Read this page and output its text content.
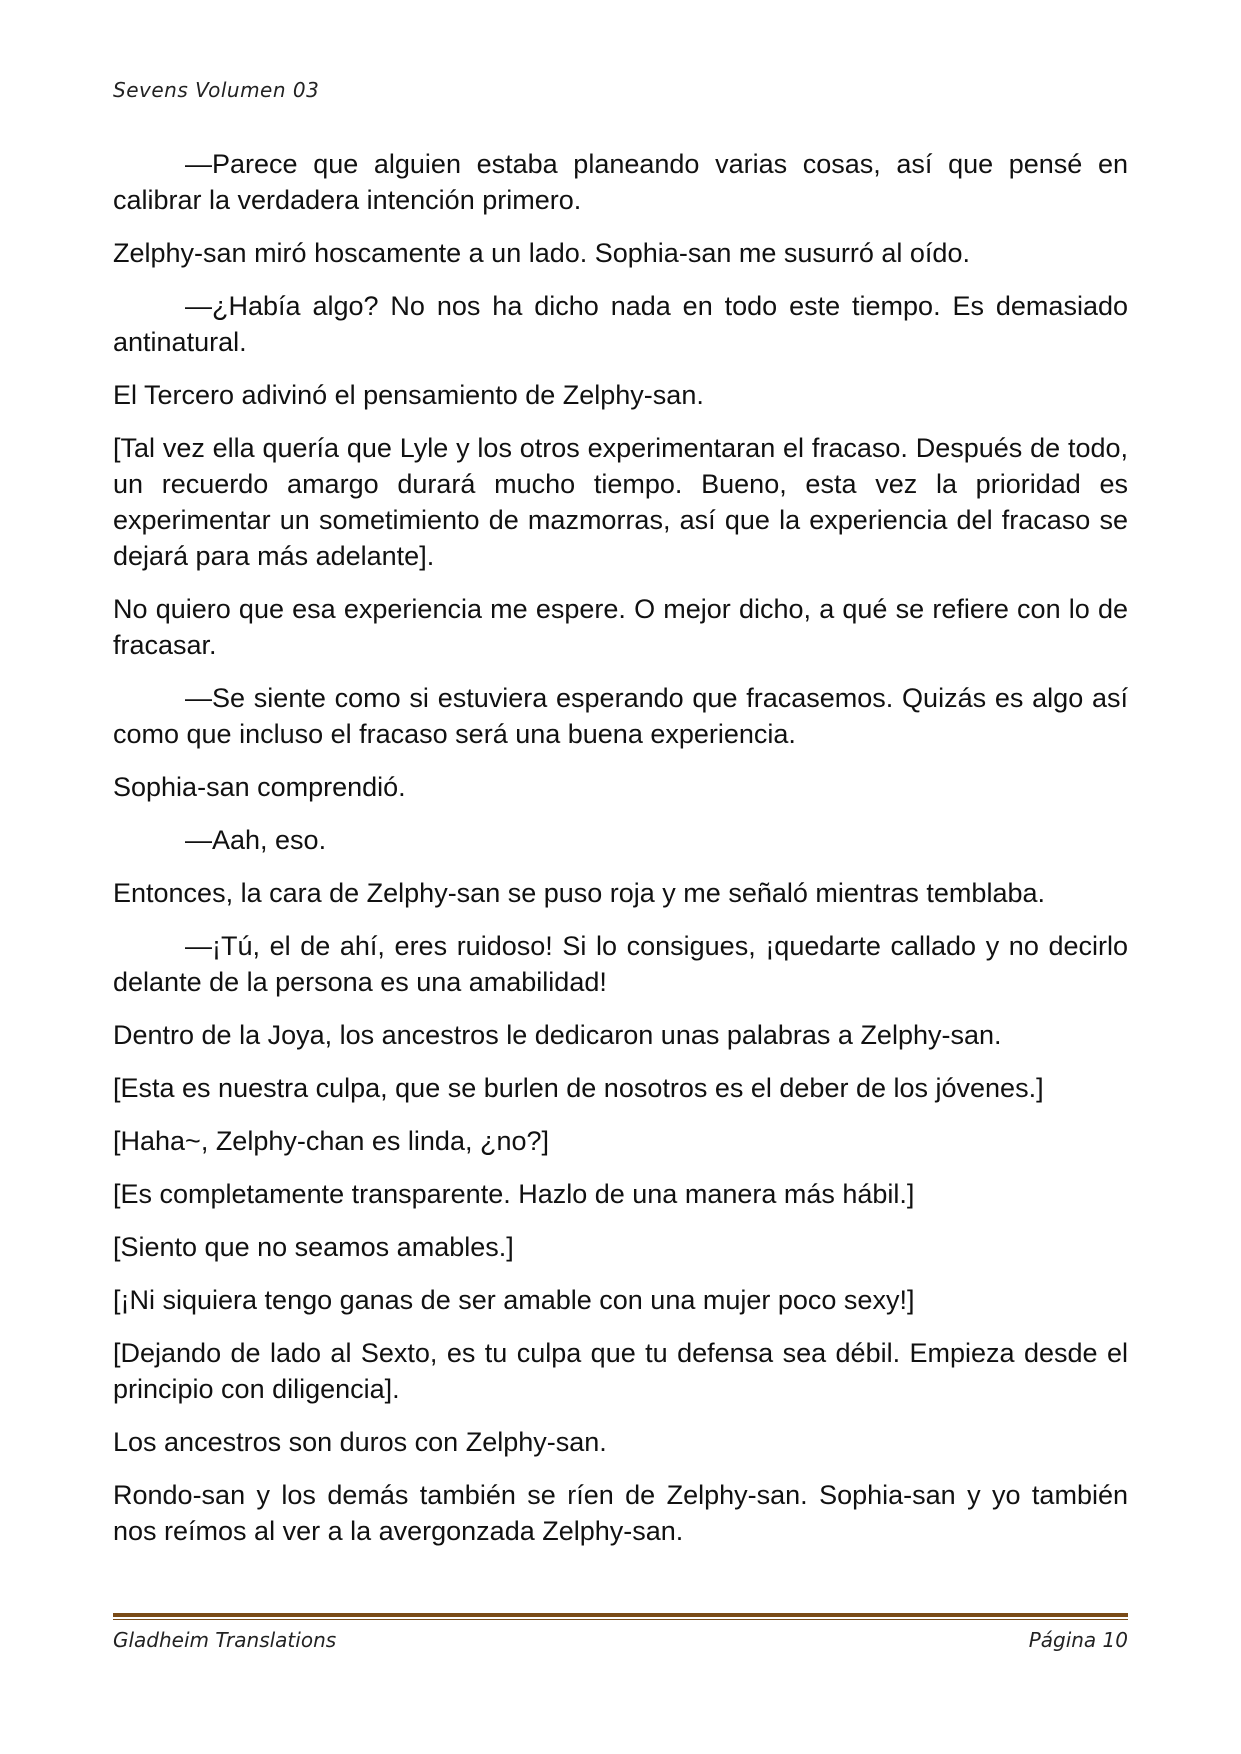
Sevens Volumen 03

—Parece que alguien estaba planeando varias cosas, así que pensé en calibrar la verdadera intención primero.

Zelphy-san miró hoscamente a un lado. Sophia-san me susurró al oído.

—¿Había algo? No nos ha dicho nada en todo este tiempo. Es demasiado antinatural.

El Tercero adivinó el pensamiento de Zelphy-san.

[Tal vez ella quería que Lyle y los otros experimentaran el fracaso. Después de todo, un recuerdo amargo durará mucho tiempo. Bueno, esta vez la prioridad es experimentar un sometimiento de mazmorras, así que la experiencia del fracaso se dejará para más adelante].

No quiero que esa experiencia me espere. O mejor dicho, a qué se refiere con lo de fracasar.

—Se siente como si estuviera esperando que fracasemos. Quizás es algo así como que incluso el fracaso será una buena experiencia.

Sophia-san comprendió.

—Aah, eso.

Entonces, la cara de Zelphy-san se puso roja y me señaló mientras temblaba.

—¡Tú, el de ahí, eres ruidoso! Si lo consigues, ¡quedarte callado y no decirlo delante de la persona es una amabilidad!

Dentro de la Joya, los ancestros le dedicaron unas palabras a Zelphy-san.

[Esta es nuestra culpa, que se burlen de nosotros es el deber de los jóvenes.]

[Haha~, Zelphy-chan es linda, ¿no?]

[Es completamente transparente. Hazlo de una manera más hábil.]

[Siento que no seamos amables.]

[¡Ni siquiera tengo ganas de ser amable con una mujer poco sexy!]

[Dejando de lado al Sexto, es tu culpa que tu defensa sea débil. Empieza desde el principio con diligencia].

Los ancestros son duros con Zelphy-san.

Rondo-san y los demás también se ríen de Zelphy-san. Sophia-san y yo también nos reímos al ver a la avergonzada Zelphy-san.

Gladheim Translations	Página 10
